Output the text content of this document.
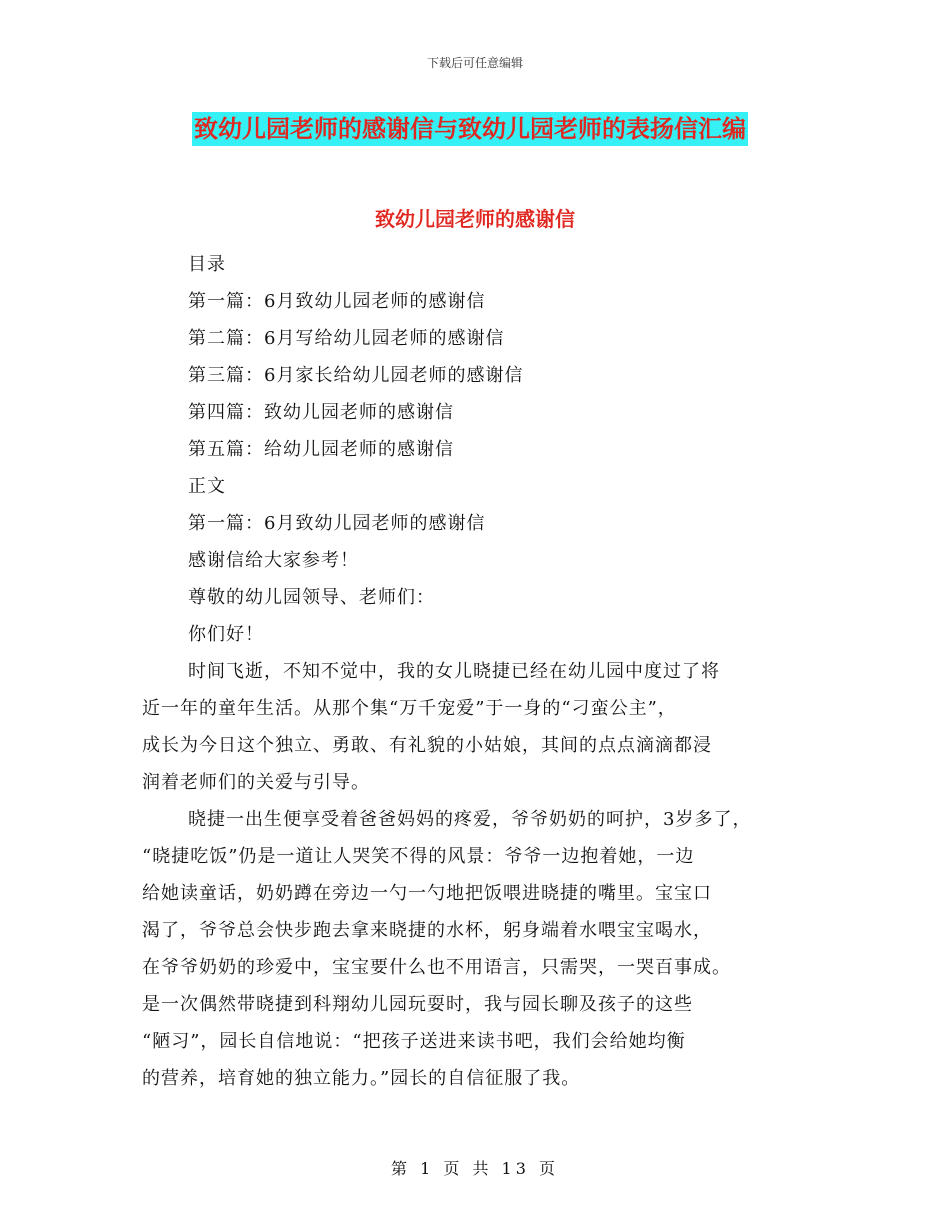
下载后可任意编辑
致幼儿园老师的感谢信与致幼儿园老师的表扬信汇编
致幼儿园老师的感谢信
目录
第一篇：6月致幼儿园老师的感谢信
第二篇：6月写给幼儿园老师的感谢信
第三篇：6月家长给幼儿园老师的感谢信
第四篇：致幼儿园老师的感谢信
第五篇：给幼儿园老师的感谢信
正文
第一篇：6月致幼儿园老师的感谢信
感谢信给大家参考！
尊敬的幼儿园领导、老师们：
你们好！
时间飞逝，不知不觉中，我的女儿晓捷已经在幼儿园中度过了将
近一年的童年生活。从那个集“万千宠爱”于一身的“刁蛮公主”，
成长为今日这个独立、勇敢、有礼貌的小姑娘，其间的点点滴滴都浸
润着老师们的关爱与引导。
晓捷一出生便享受着爸爸妈妈的疼爱，爷爷奶奶的呵护，3岁多了，
“晓捷吃饭”仍是一道让人哭笑不得的风景：爷爷一边抱着她，一边
给她读童话，奶奶蹲在旁边一勺一勺地把饭喂进晓捷的嘴里。宝宝口
渴了，爷爷总会快步跑去拿来晓捷的水杯，躬身端着水喂宝宝喝水，
在爷爷奶奶的珍爱中，宝宝要什么也不用语言，只需哭，一哭百事成。
是一次偶然带晓捷到科翔幼儿园玩耍时，我与园长聊及孩子的这些
“陋习”，园长自信地说：“把孩子送进来读书吧，我们会给她均衡
的营养，培育她的独立能力。”园长的自信征服了我。
第 1 页 共 13 页
